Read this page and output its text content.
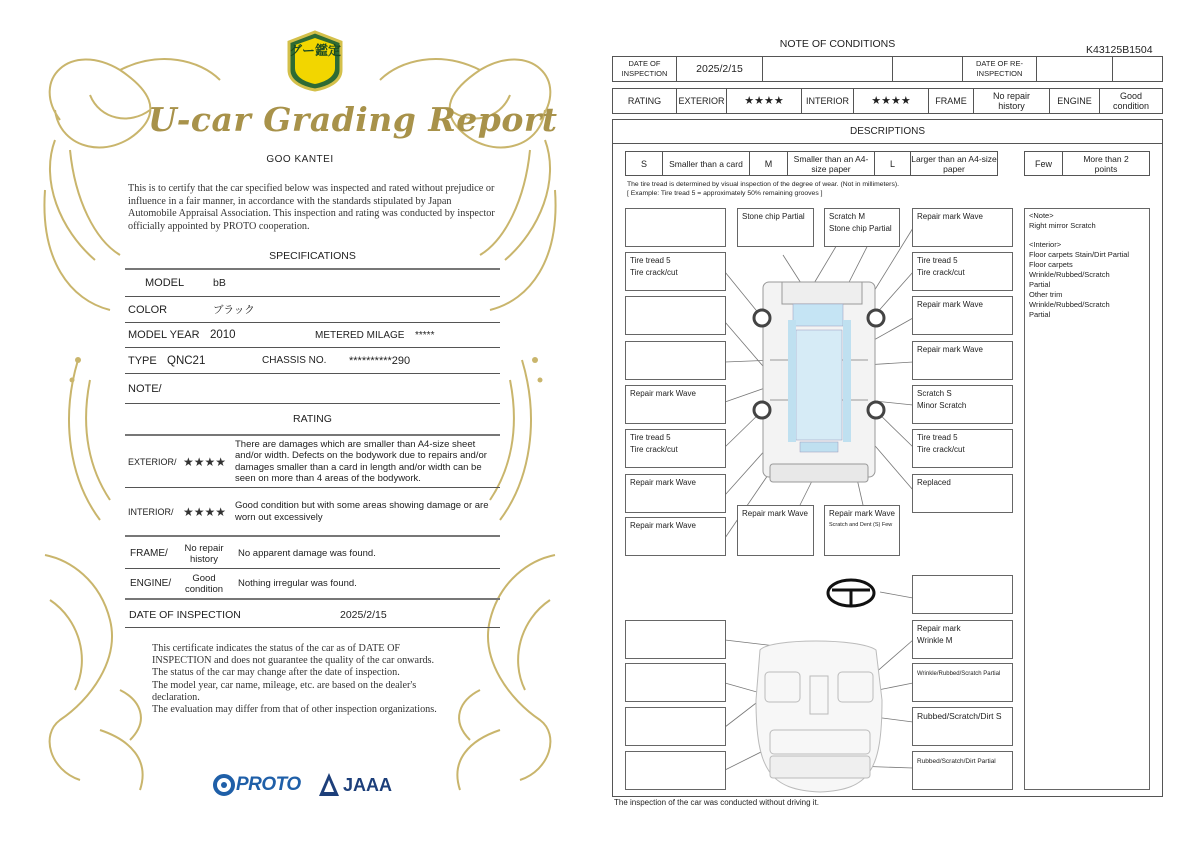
グー鑑定
U-car Grading Report
GOO KANTEI
This is to certify that the car specified below was inspected and rated without prejudice or influence in a fair manner, in accordance with the standards stipulated by Japan Automobile Appraisal Association. This inspection and rating was conducted by inspector officially appointed by PROTO cooperation.
SPECIFICATIONS
MODEL	bB
COLOR	ブラック
MODEL YEAR 2010	METERED MILAGE	*****
TYPE QNC21	CHASSIS NO.	**********290
NOTE/
RATING
EXTERIOR/ ★★★★
There are damages which are smaller than A4-size sheet and/or width. Defects on the bodywork due to repairs and/or damages smaller than a card in length and/or width can be seen on more than 4 areas of the bodywork.
INTERIOR/ ★★★★ Good condition but with some areas showing damage or are worn out excessively
FRAME/	No repair history	No apparent damage was found.
ENGINE/	Good condition	Nothing irregular was found.
DATE OF INSPECTION	2025/2/15
This certificate indicates the status of the car as of DATE OF
INSPECTION and does not guarantee the quality of the car onwards.
The status of the car may change after the date of inspection.
The model year, car name, mileage, etc. are based on the dealer's
declaration.
The evaluation may differ from that of other inspection organizations.
PROTO JAAA
NOTE OF CONDITIONS	K43125B1504
DATE OF INSPECTION	2025/2/15	DATE OF RE-INSPECTION
RATING	EXTERIOR	★★★★	INTERIOR	★★★★	FRAME	No repair history	ENGINE	Good condition
DESCRIPTIONS
S	Smaller than a card	M	Smaller than an A4-size paper	L	Larger than an A4-size paper	Few	More than 2 points
The tire tread is determined by visual inspection of the degree of wear. (Not in millimeters).
[ Example: Tire tread 5 = approximately 50% remaining grooves ]
Stone chip Partial	Scratch M
Stone chip Partial
Repair mark Wave
Tire tread 5
Tire crack/cut
Tire tread 5
Tire crack/cut
Repair mark Wave
Repair mark Wave
Repair mark Wave	Scratch S
Minor Scratch
Tire tread 5
Tire crack/cut
Tire tread 5
Tire crack/cut
Repair mark Wave	Replaced
Repair mark Wave
Repair mark Wave	Repair mark Wave
Scratch and Dent (S) Few
Repair mark
Wrinkle M
Wrinkle/Rubbed/Scratch Partial
Rubbed/Scratch/Dirt S
Rubbed/Scratch/Dirt Partial
<Note>
Right mirror Scratch
<Interior>
Floor carpets Stain/Dirt Partial
Floor carpets
Wrinkle/Rubbed/Scratch
Partial
Other trim
Wrinkle/Rubbed/Scratch
Partial
The inspection of the car was conducted without driving it.
